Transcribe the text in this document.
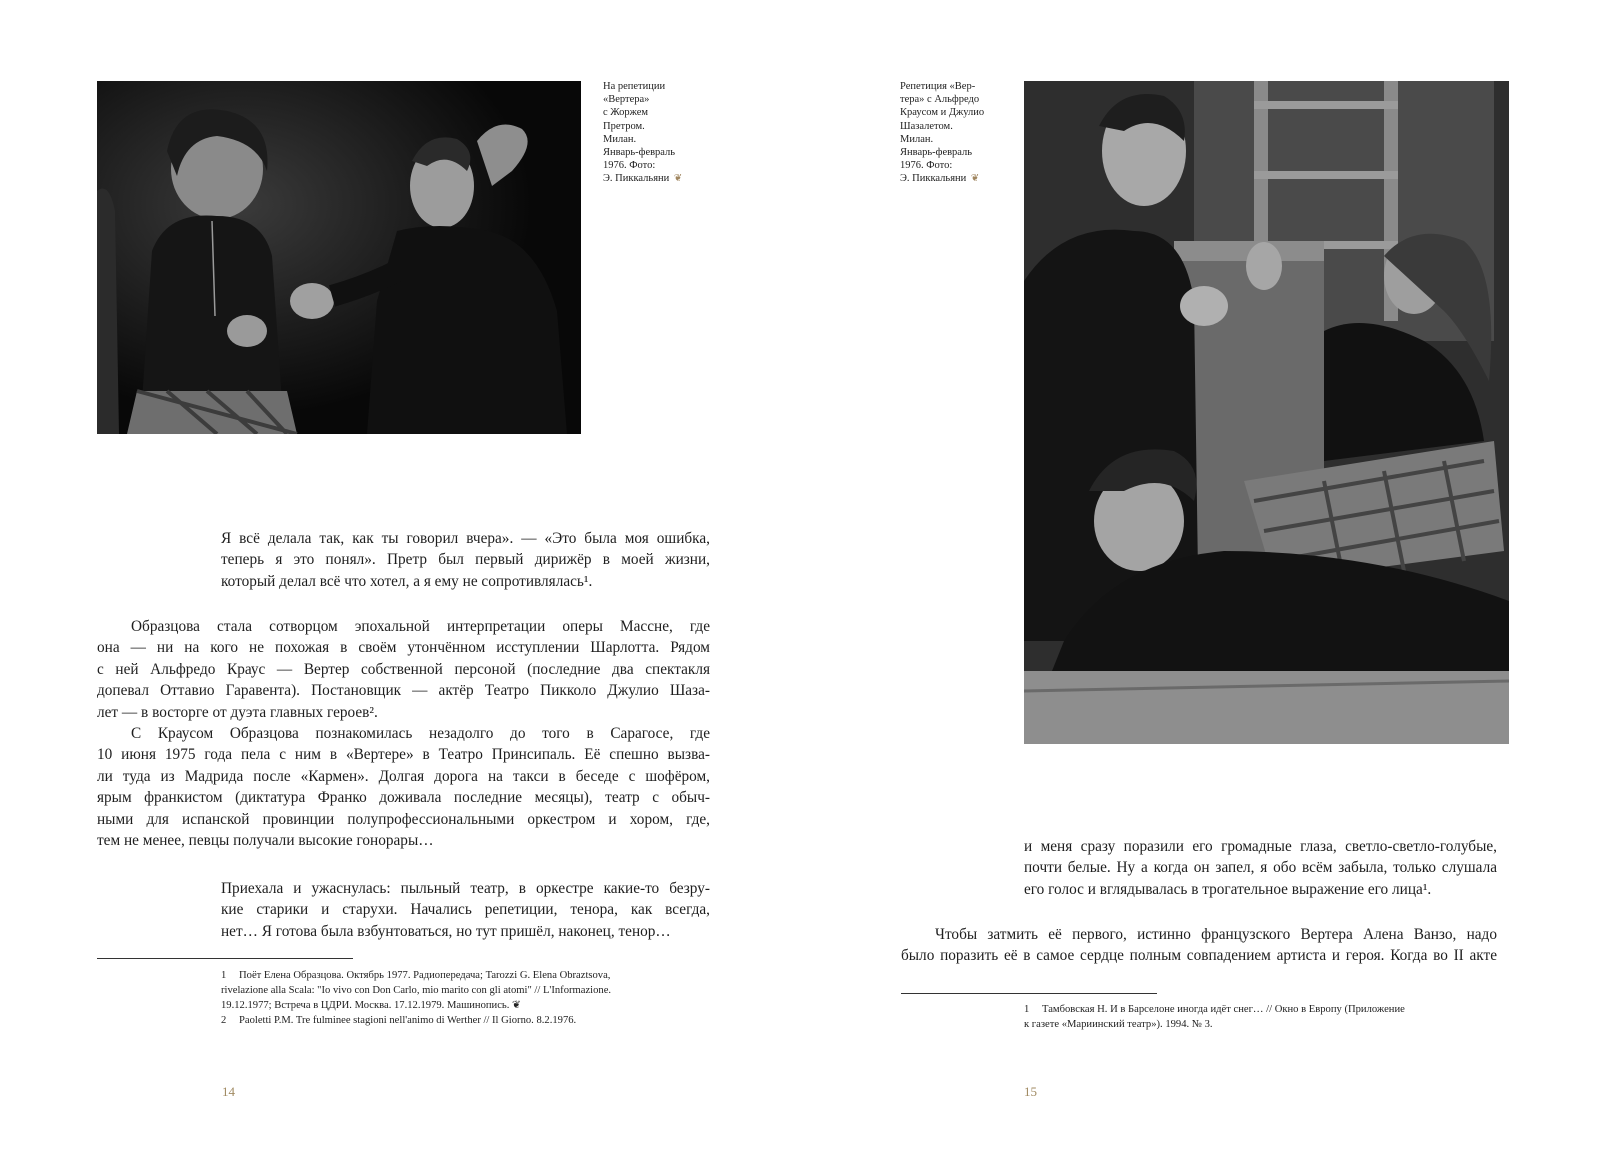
На репетиции
«Вертера»
с Жоржем
Претром.
Милан.
Январь-февраль
1976. Фото:
Э. Пиккальяни ❦
Я всё делала так, как ты говорил вчера». — «Это была моя ошибка,
теперь я это понял». Претр был первый дирижёр в моей жизни,
который делал всё что хотел, а я ему не сопротивлялась¹.
Образцова стала сотворцом эпохальной интерпретации оперы Массне, где
она — ни на кого не похожая в своём утончённом исступлении Шарлотта. Рядом
с ней Альфредо Краус — Вертер собственной персоной (последние два спектакля
допевал Оттавио Гаравента). Постановщик — актёр Театро Пикколо Джулио Шаза-
лет — в восторге от дуэта главных героев².
С Краусом Образцова познакомилась незадолго до того в Сарагосе, где
10 июня 1975 года пела с ним в «Вертере» в Театро Принсипаль. Её спешно вызва-
ли туда из Мадрида после «Кармен». Долгая дорога на такси в беседе с шофёром,
ярым франкистом (диктатура Франко доживала последние месяцы), театр с обыч-
ными для испанской провинции полупрофессиональными оркестром и хором, где,
тем не менее, певцы получали высокие гонорары…
Приехала и ужаснулась: пыльный театр, в оркестре какие-то безру-
кие старики и старухи. Начались репетиции, тенора, как всегда,
нет… Я готова была взбунтоваться, но тут пришёл, наконец, тенор…
1 Поёт Елена Образцова. Октябрь 1977. Радиопередача; Tarozzi G. Elena Obraztsova,
rivelazione alla Scala: "Io vivo con Don Carlo, mio marito con gli atomi" // L'Informazione.
19.12.1977; Встреча в ЦДРИ. Москва. 17.12.1979. Машинопись. ❦
2 Paoletti P.M. Tre fulminee stagioni nell'animo di Werther // Il Giorno. 8.2.1976.
14
Репетиция «Вер-
тера» с Альфредо
Краусом и Джулио
Шазалетом.
Милан.
Январь-февраль
1976. Фото:
Э. Пиккальяни ❦
и меня сразу поразили его громадные глаза, светло-светло-голубые,
почти белые. Ну а когда он запел, я обо всём забыла, только слушала
его голос и вглядывалась в трогательное выражение его лица¹.
Чтобы затмить её первого, истинно французского Вертера Алена Ванзо, надо
было поразить её в самое сердце полным совпадением артиста и героя. Когда во II акте
1 Тамбовская Н. И в Барселоне иногда идёт снег… // Окно в Европу (Приложение
к газете «Мариинский театр»). 1994. № 3.
15
